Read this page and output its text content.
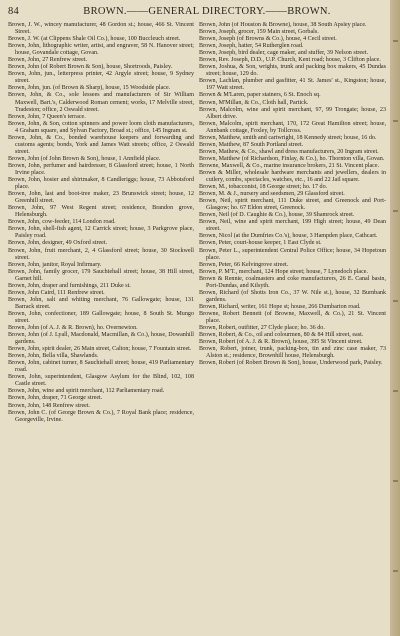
84	BROWN.——GENERAL DIRECTORY.——BROWN.

Brown, J. W., wincey manufacturer, 48 Gordon st.; house, 466 St. Vincent Street.

Brown, J. W. (at Clippens Shale Oil Co.), house, 100 Buccleuch street.

Brown, John, lithographic writer, artist, and engraver, 58 N. Hanover street; house, Govandale cottage, Govan.

Brown, John, 27 Renfrew street.

Brown, John (of Robert Brown & Son), house, Shortroods, Paisley.

Brown, John, jun., letterpress printer, 42 Argyle street; house, 9 Sydney street.

Brown, John, jun. (of Brown & Sharp), house, 15 Woodside place.

Brown, John, & Co., sole lessees and manufacturers of Sir William Maxwell, Bart.'s, Calderwood Roman cement; works, 17 Melville street, Tradeston; office, 2 Oswald street.

Brown, John, 7 Queen's terrace.

Brown, John, & Son, cotton spinners and power loom cloth manufacturers, 4 Graham square, and Sylvan Factory, Broad st.; office, 145 Ingram st.

Brown, John, & Co., bonded warehouse keepers and forwarding and customs agents; bonds, York and James Watt streets; office, 2 Oswald street.

Brown, John (of John Brown & Son), house, 1 Annfield place.

Brown, John, perfumer and hairdresser, 8 Glassford street; house, 1 North Irvine place.

Brown, John, hosier and shirtmaker, 8 Candleriggs; house, 73 Abbotsford place.

Brown, John, last and boot-tree maker, 23 Brunswick street; house, 12 Greenhill street.

Brown, John, 97 West Regent street; residence, Brandon grove, Helensburgh.

Brown, John, cow-feeder, 114 London road.

Brown, John, shell-fish agent, 12 Carrick street; house, 3 Parkgrove place, Paisley road.

Brown, John, designer, 49 Oxford street.

Brown, John, fruit merchant, 2, 4 Glassford street; house, 30 Stockwell street.

Brown, John, janitor, Royal Infirmary.

Brown, John, family grocer, 179 Sauchiehall street; house, 38 Hill street, Garnet hill.

Brown, John, draper and furnishings, 211 Duke st.

Brown, John Caird, 111 Renfrew street.

Brown, John, salt and whiting merchant, 76 Gallowgate; house, 131 Barrack street.

Brown, John, confectioner, 189 Gallowgate; house, 8 South St. Mungo street.

Brown, John (of A. J. & R. Brown), ho. Overnewton.

Brown, John (of J. Lyall, Macdonald, Macmillan, & Co.), house, Dowanhill gardens.

Brown, John, spirit dealer, 26 Main street, Calton; house, 7 Fountain street.

Brown, John, Bella villa, Shawlands.

Brown, John, cabinet turner, 8 Sauchiehall street; house, 419 Parliamentary road.

Brown, John, superintendent, Glasgow Asylum for the Blind, 102, 108 Castle street.

Brown, John, wine and spirit merchant, 112 Parliamentary road.

Brown, John, draper, 71 George street.

Brown, John, 148 Renfrew street.

Brown, John C. (of George Brown & Co.), 7 Royal Bank place; residence, Georgeville, Irvine.

Brown, John (of Houston & Browne), house, 38 South Apsley place.

Brown, Joseph, grocer, 159 Main street, Gorbals.

Brown, Joseph (of Browns & Co.), house, 4 Cecil street.

Brown, Joseph, hatter, 54 Rutherglen road.

Brown, Joseph, bird dealer, cage maker, and stuffer, 39 Nelson street.

Brown, Rev. Joseph, D.D., U.P. Church, Kent road; house, 3 Clifton place.

Brown, Joshua, & Son, wrights, trunk and packing box makers, 45 Dundas street; house, 129 do.

Brown, Lachlan, plumber and gasfitter, 41 St. James' st., Kingston; house, 197 Watt street.

Brown & M'Laren, paper stainers, 6 St. Enoch sq.

Brown, M'Millan, & Co., Cloth hall, Partick.

Brown, Malcolm, wine and spirit merchant, 97, 99 Trongate; house, 23 Albert drive.

Brown, Malcolm, spirit merchant, 170, 172 Great Hamilton street; house, Annbank cottage, Foxley, by Tollcross.

Brown, Matthew, smith and cartwright, 18 Kennedy street; house, 16 do.

Brown, Matthew, 87 South Portland street.

Brown, Mathew, & Co., shawl and dress manufacturers, 20 Ingram street.

Brown, Matthew (of Richardson, Finlay, & Co.), ho. Thornton villa, Govan.

Browne, Maxwell, & Co., marine insurance brokers, 21 St. Vincent place.

Brown & Miller, wholesale hardware merchants and jewellers, dealers in cutlery, combs, spectacles, watches, etc., 16 and 22 Jail square.

Brown, M., tobacconist, 18 George street; ho. 17 do.

Brown, M. & J., nursery and seedsmen, 29 Glassford street.

Brown, Neil, spirit merchant, 111 Duke street, and Greenock and Port-Glasgow; ho. 67 Eldon street, Greenock.

Brown, Neil (of D. Caughie & Co.), house, 39 Shamrock street.

Brown, Neil, wine and spirit merchant, 199 High street; house, 49 Dean street.

Brown, Nicol (at the Dumfries Co.'s), house, 3 Hampden place, Cathcart.

Brown, Peter, court-house keeper, 1 East Clyde st.

Brown, Peter L., superintendent Central Police Office; house, 34 Hopetoun place.

Brown, Peter, 66 Kelvingrove street.

Brown, P. M'T., merchant, 124 Hope street; house, 7 Lynedoch place.

Brown & Rennie, coalmasters and coke manufacturers, 26 E. Canal basin, Port-Dundas, and Kilsyth.

Brown, Richard (of Shotts Iron Co., 37 W. Nile st.), house, 32 Burnbank gardens.

Brown, Richard, writer, 161 Hope st; house, 266 Dumbarton road.

Browne, Robert Bennett (of Browne, Maxwell, & Co.), 21 St. Vincent place.

Brown, Robert, outfitter, 27 Clyde place; ho. 36 do.

Brown, Robert, & Co., oil and colourmen, 80 & 84 Hill street, east.

Brown, Robert (of A. J. & R. Brown), house, 395 St Vincent street.

Brown, Robert, joiner, trunk, packing-box, tin and zinc case maker, 73 Alston st.; residence, Brownhill house, Helensburgh.

Brown, Robert (of Robert Brown & Son), house, Underwood park, Paisley.
